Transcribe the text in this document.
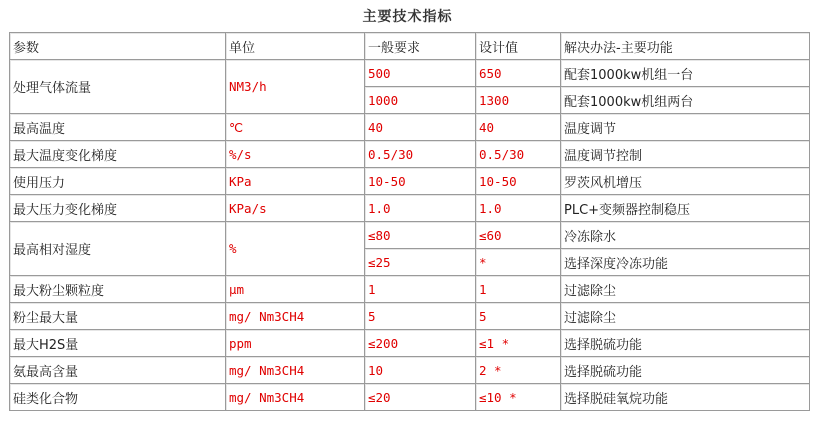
主要技术指标
参数	单位	一般要求	设计值	解决办法-主要功能
处理气体流量	NM3/h	500	650	配套1000kw机组一台
		1000	1300	配套1000kw机组两台
最高温度	℃	40	40	温度调节
最大温度变化梯度	%/s	0.5/30	0.5/30	温度调节控制
使用压力	KPa	10-50	10-50	罗茨风机增压
最大压力变化梯度	KPa/s	1.0	1.0	PLC+变频器控制稳压
最高相对湿度	%	≤80	≤60	冷冻除水
		≤25	*	选择深度冷冻功能
最大粉尘颗粒度	μm	1	1	过滤除尘
粉尘最大量	mg/ Nm3CH4	5	5	过滤除尘
最大H2S量	ppm	≤200	≤1 *	选择脱硫功能
氨最高含量	mg/ Nm3CH4	10	2 *	选择脱硫功能
硅类化合物	mg/ Nm3CH4	≤20	≤10 *	选择脱硅氧烷功能
